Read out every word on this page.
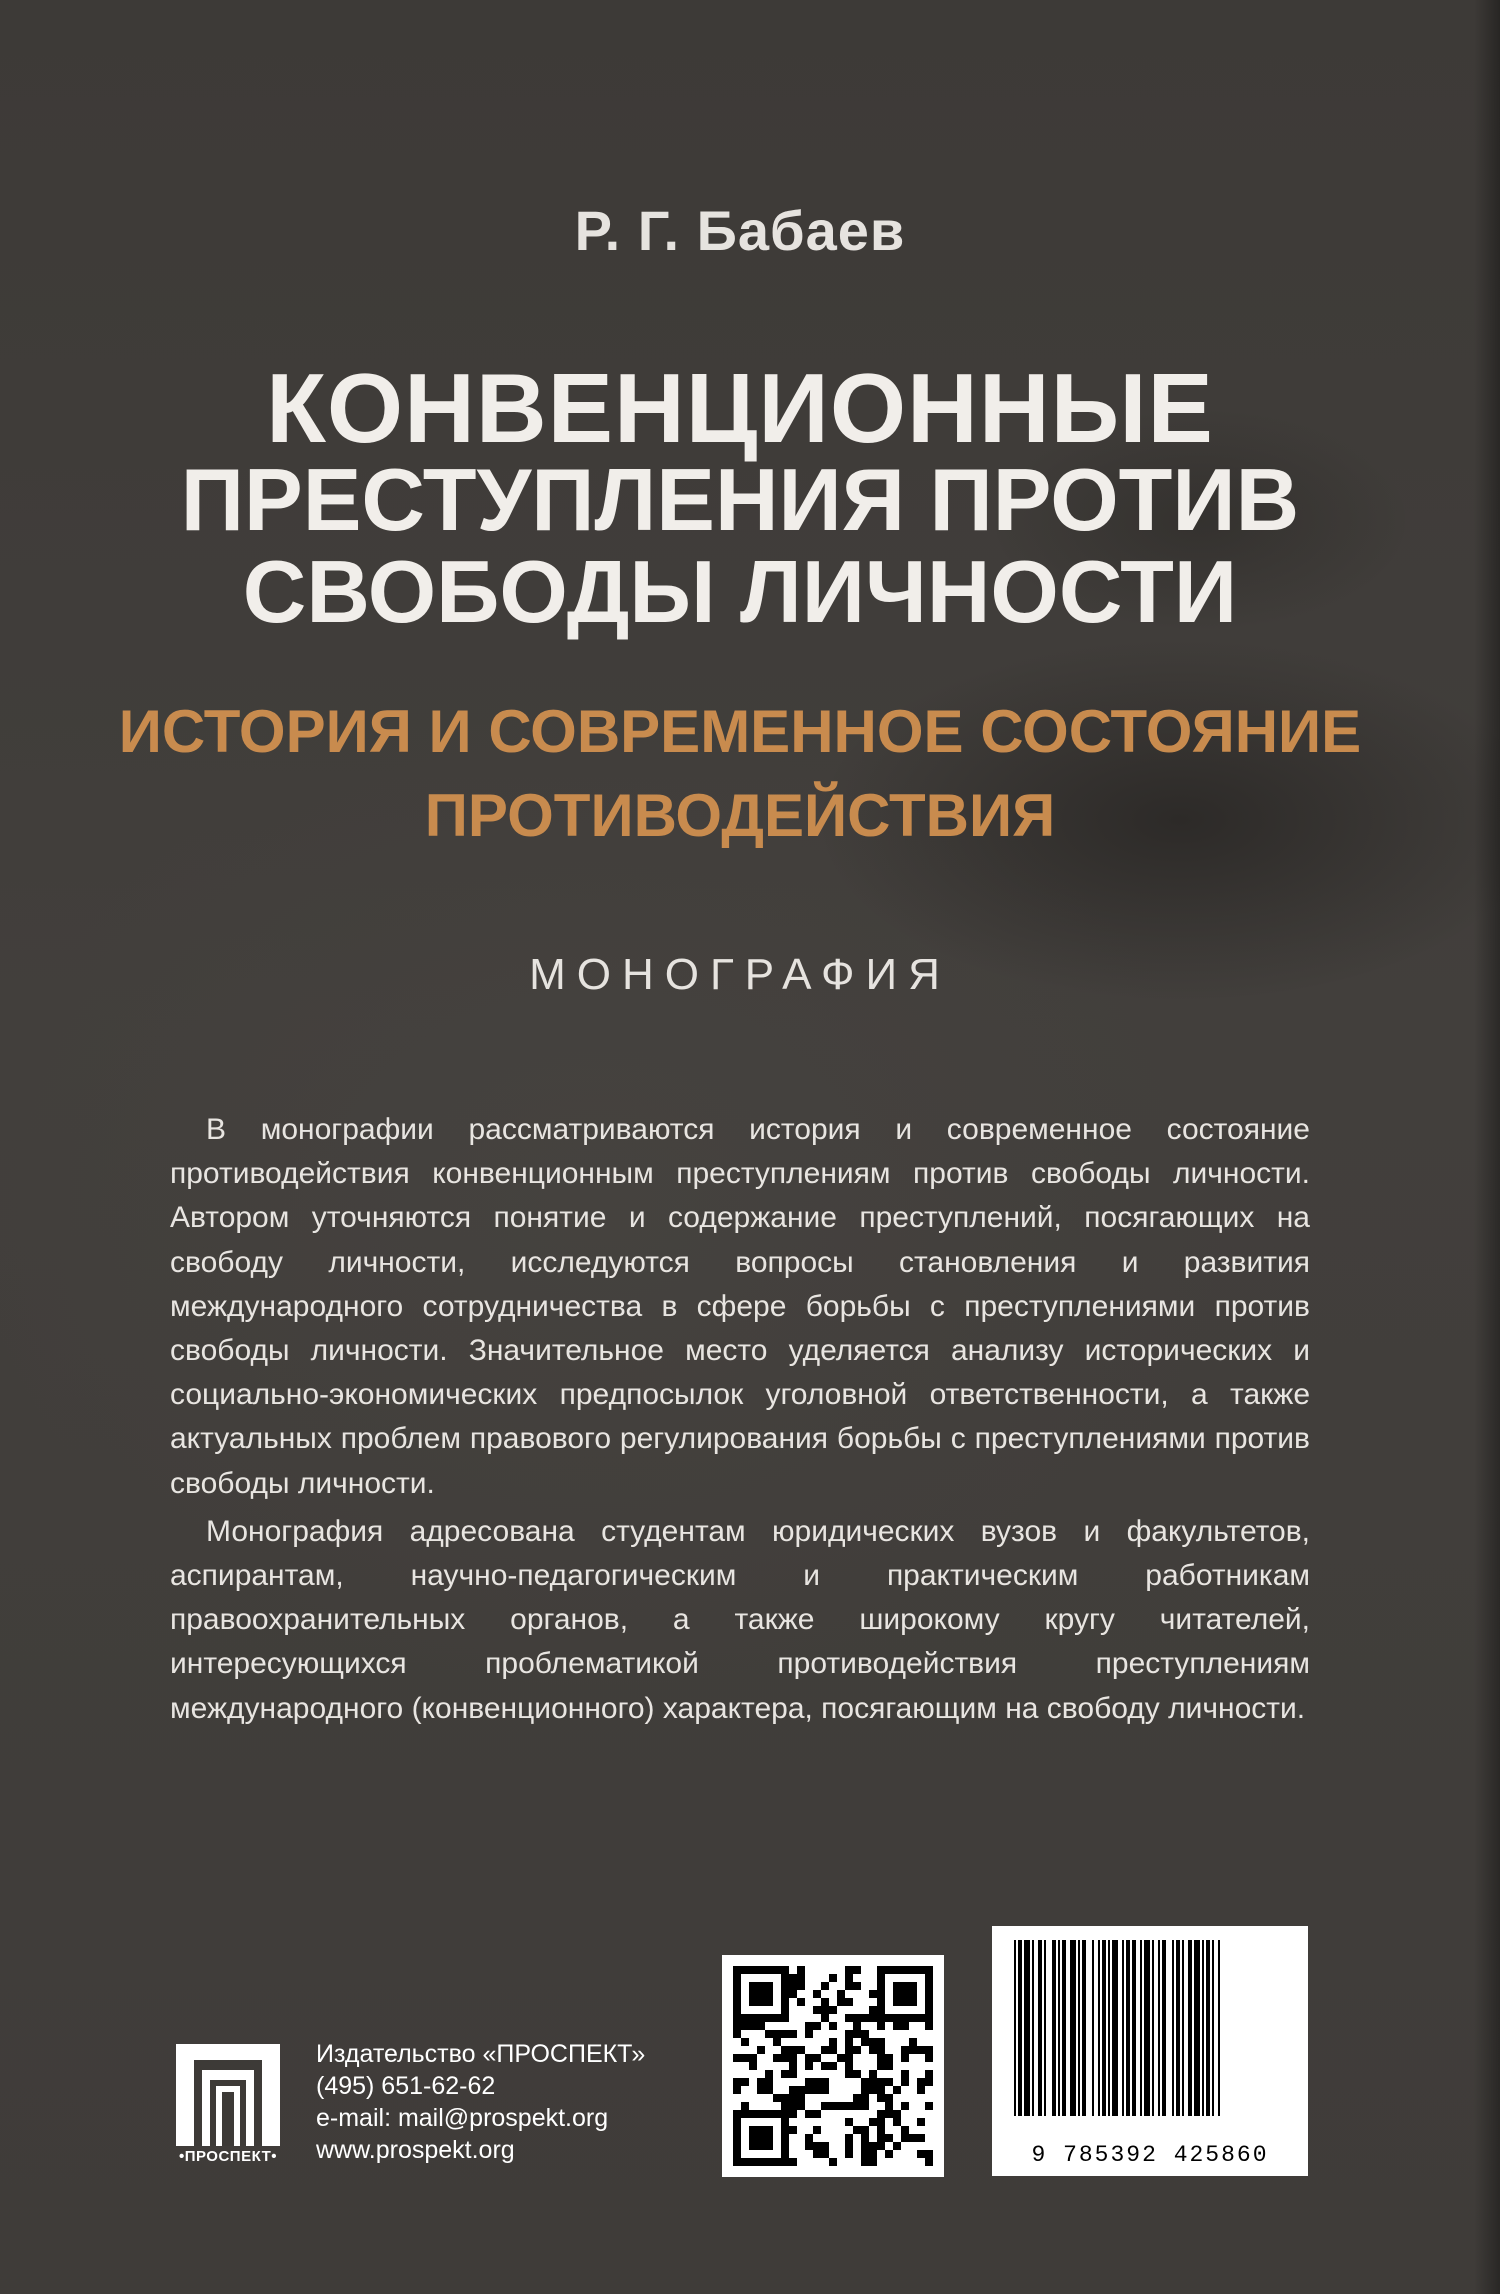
Р. Г. Бабаев
КОНВЕНЦИОННЫЕ
ПРЕСТУПЛЕНИЯ ПРОТИВ
СВОБОДЫ ЛИЧНОСТИ
ИСТОРИЯ И СОВРЕМЕННОЕ СОСТОЯНИЕ
ПРОТИВОДЕЙСТВИЯ
МОНОГРАФИЯ

В монографии рассматриваются история и современное состояние противодействия конвенционным преступлениям против свободы личности. Автором уточняются понятие и содержание преступлений, посягающих на свободу личности, исследуются вопросы становления и развития международного сотрудничества в сфере борьбы с преступлениями против свободы личности. Значительное место уделяется анализу исторических и социально-экономических предпосылок уголовной ответственности, а также актуальных проблем правового регулирования борьбы с преступлениями против свободы личности.

Монография адресована студентам юридических вузов и факультетов, аспирантам, научно-педагогическим и практическим работникам правоохранительных органов, а также широкому кругу читателей, интересующихся проблематикой противодействия преступлениям международного (конвенционного) характера, посягающим на свободу личности.

•ПРОСПЕКТ•
Издательство «ПРОСПЕКТ»
(495) 651-62-62
e-mail: mail@prospekt.org
www.prospekt.org	9 785392 425860
